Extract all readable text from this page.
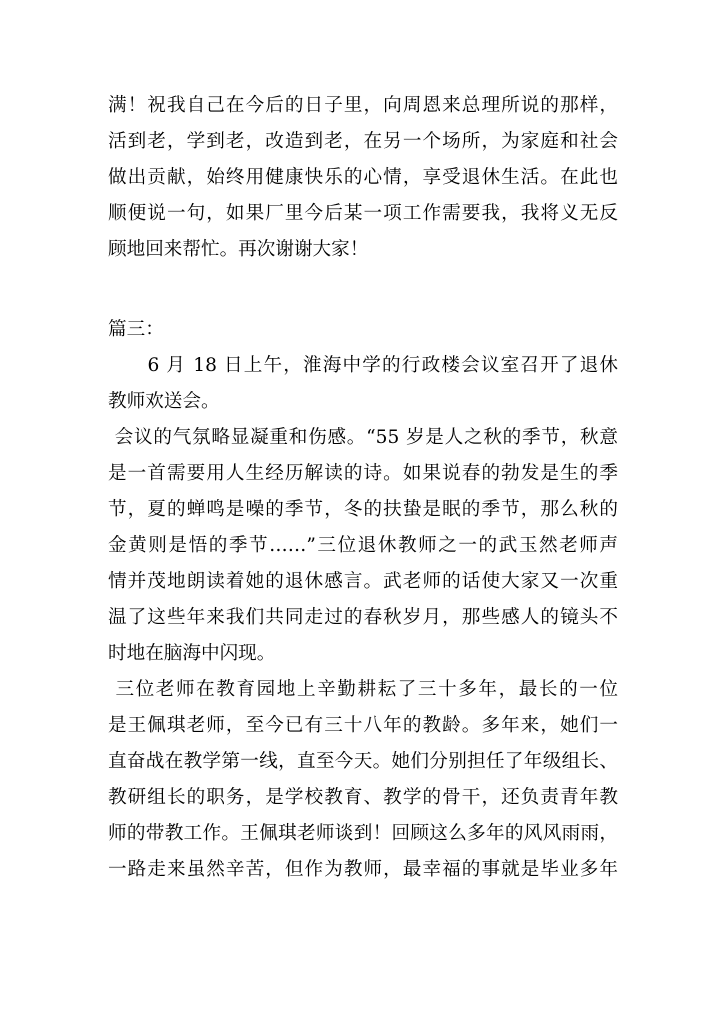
满！祝我自己在今后的日子里，向周恩来总理所说的那样，
活到老，学到老，改造到老，在另一个场所，为家庭和社会
做出贡献，始终用健康快乐的心情，享受退休生活。在此也
顺便说一句，如果厂里今后某一项工作需要我，我将义无反
顾地回来帮忙。再次谢谢大家！
篇三：
　　6 月 18 日上午，淮海中学的行政楼会议室召开了退休
教师欢送会。
会议的气氛略显凝重和伤感。“55 岁是人之秋的季节，秋意
是一首需要用人生经历解读的诗。如果说春的勃发是生的季
节，夏的蝉鸣是噪的季节，冬的扶蛰是眠的季节，那么秋的
金黄则是悟的季节……”三位退休教师之一的武玉然老师声
情并茂地朗读着她的退休感言。武老师的话使大家又一次重
温了这些年来我们共同走过的春秋岁月，那些感人的镜头不
时地在脑海中闪现。
三位老师在教育园地上辛勤耕耘了三十多年，最长的一位
是王佩琪老师，至今已有三十八年的教龄。多年来，她们一
直奋战在教学第一线，直至今天。她们分别担任了年级组长、
教研组长的职务，是学校教育、教学的骨干，还负责青年教
师的带教工作。王佩琪老师谈到！回顾这么多年的风风雨雨，
一路走来虽然辛苦，但作为教师，最幸福的事就是毕业多年
